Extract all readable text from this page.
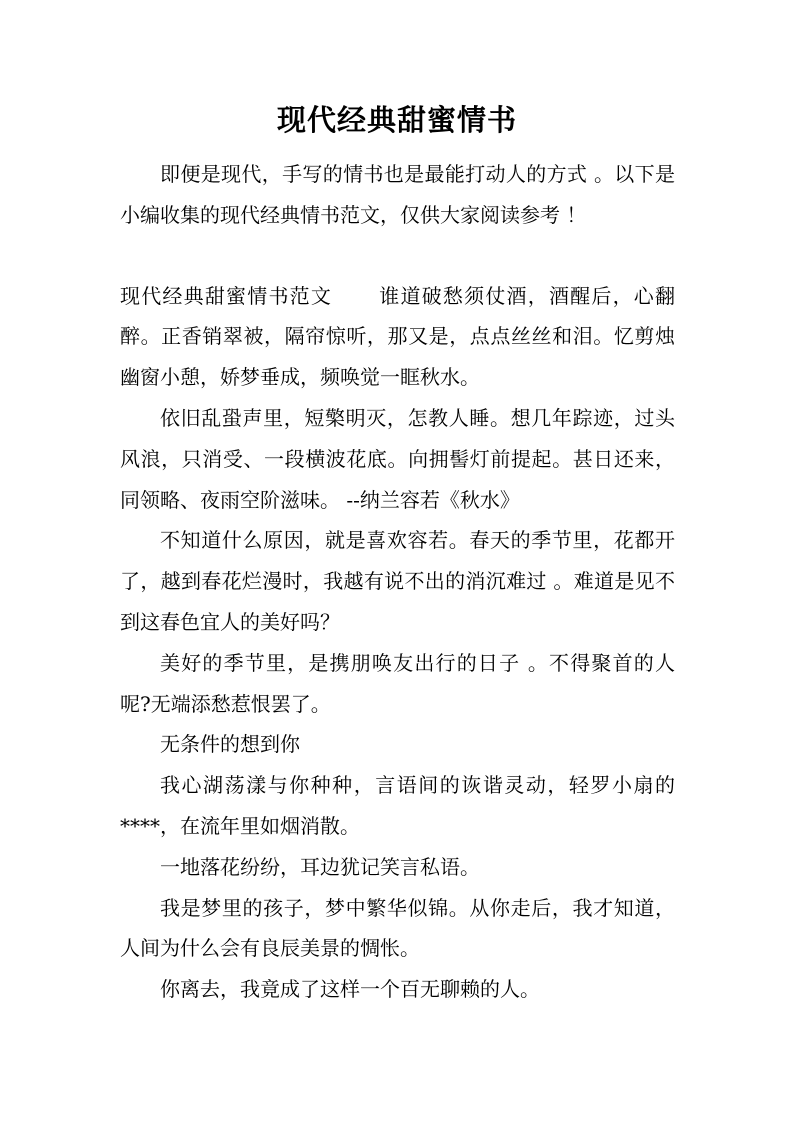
现代经典甜蜜情书

即便是现代，手写的情书也是最能打动人的方式 。以下是小编收集的现代经典情书范文，仅供大家阅读参考 ！

现代经典甜蜜情书范文 谁道破愁须仗酒，酒醒后，心翻醉。正香销翠被，隔帘惊听，那又是，点点丝丝和泪。忆剪烛幽窗小憩，娇梦垂成，频唤觉一眶秋水。

依旧乱蛩声里，短檠明灭，怎教人睡。想几年踪迹，过头风浪，只消受、一段横波花底。向拥髻灯前提起。甚日还来，同领略、夜雨空阶滋味。 --纳兰容若《秋水》

不知道什么原因，就是喜欢容若。春天的季节里，花都开了，越到春花烂漫时，我越有说不出的消沉难过 。难道是见不到这春色宜人的美好吗？

美好的季节里，是携朋唤友出行的日子 。不得聚首的人呢?无端添愁惹恨罢了。

无条件的想到你

我心湖荡漾与你种种，言语间的诙谐灵动，轻罗小扇的****，在流年里如烟消散。

一地落花纷纷，耳边犹记笑言私语。

我是梦里的孩子，梦中繁华似锦。从你走后，我才知道，人间为什么会有良辰美景的惆怅。

你离去，我竟成了这样一个百无聊赖的人。
